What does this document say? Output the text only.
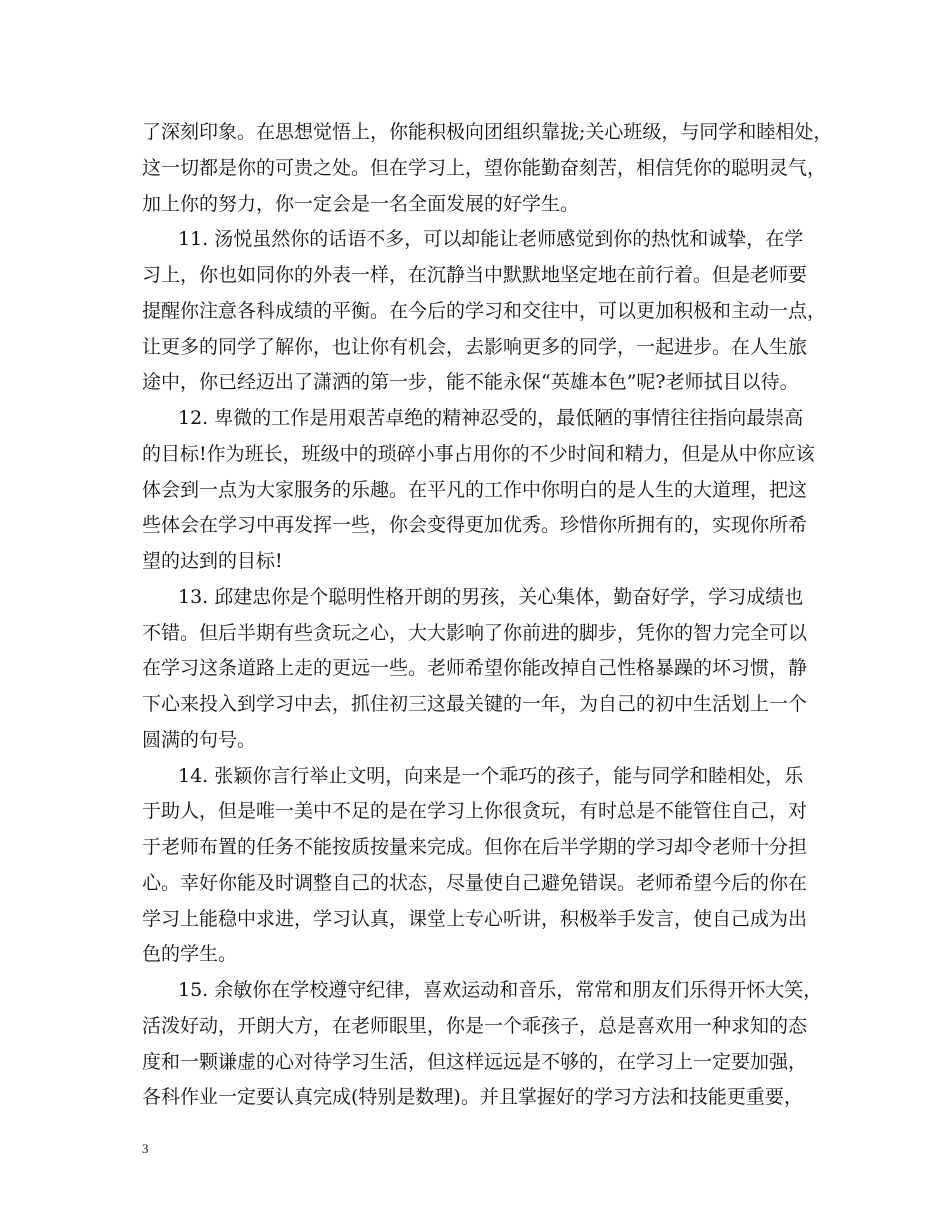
了深刻印象。在思想觉悟上，你能积极向团组织靠拢;关心班级，与同学和睦相处，
这一切都是你的可贵之处。但在学习上，望你能勤奋刻苦，相信凭你的聪明灵气，
加上你的努力，你一定会是一名全面发展的好学生。
11. 汤悦虽然你的话语不多，可以却能让老师感觉到你的热忱和诚挚，在学
习上，你也如同你的外表一样，在沉静当中默默地坚定地在前行着。但是老师要
提醒你注意各科成绩的平衡。在今后的学习和交往中，可以更加积极和主动一点，
让更多的同学了解你，也让你有机会，去影响更多的同学，一起进步。在人生旅
途中，你已经迈出了潇洒的第一步，能不能永保“英雄本色”呢?老师拭目以待。
12. 卑微的工作是用艰苦卓绝的精神忍受的，最低陋的事情往往指向最崇高
的目标!作为班长，班级中的琐碎小事占用你的不少时间和精力，但是从中你应该
体会到一点为大家服务的乐趣。在平凡的工作中你明白的是人生的大道理，把这
些体会在学习中再发挥一些，你会变得更加优秀。珍惜你所拥有的，实现你所希
望的达到的目标!
13. 邱建忠你是个聪明性格开朗的男孩，关心集体，勤奋好学，学习成绩也
不错。但后半期有些贪玩之心，大大影响了你前进的脚步，凭你的智力完全可以
在学习这条道路上走的更远一些。老师希望你能改掉自己性格暴躁的坏习惯，静
下心来投入到学习中去，抓住初三这最关键的一年，为自己的初中生活划上一个
圆满的句号。
14. 张颖你言行举止文明，向来是一个乖巧的孩子，能与同学和睦相处，乐
于助人，但是唯一美中不足的是在学习上你很贪玩，有时总是不能管住自己，对
于老师布置的任务不能按质按量来完成。但你在后半学期的学习却令老师十分担
心。幸好你能及时调整自己的状态，尽量使自己避免错误。老师希望今后的你在
学习上能稳中求进，学习认真，课堂上专心听讲，积极举手发言，使自己成为出
色的学生。
15. 余敏你在学校遵守纪律，喜欢运动和音乐，常常和朋友们乐得开怀大笑，
活泼好动，开朗大方，在老师眼里，你是一个乖孩子，总是喜欢用一种求知的态
度和一颗谦虚的心对待学习生活，但这样远远是不够的，在学习上一定要加强，
各科作业一定要认真完成(特别是数理)。并且掌握好的学习方法和技能更重要，
3
